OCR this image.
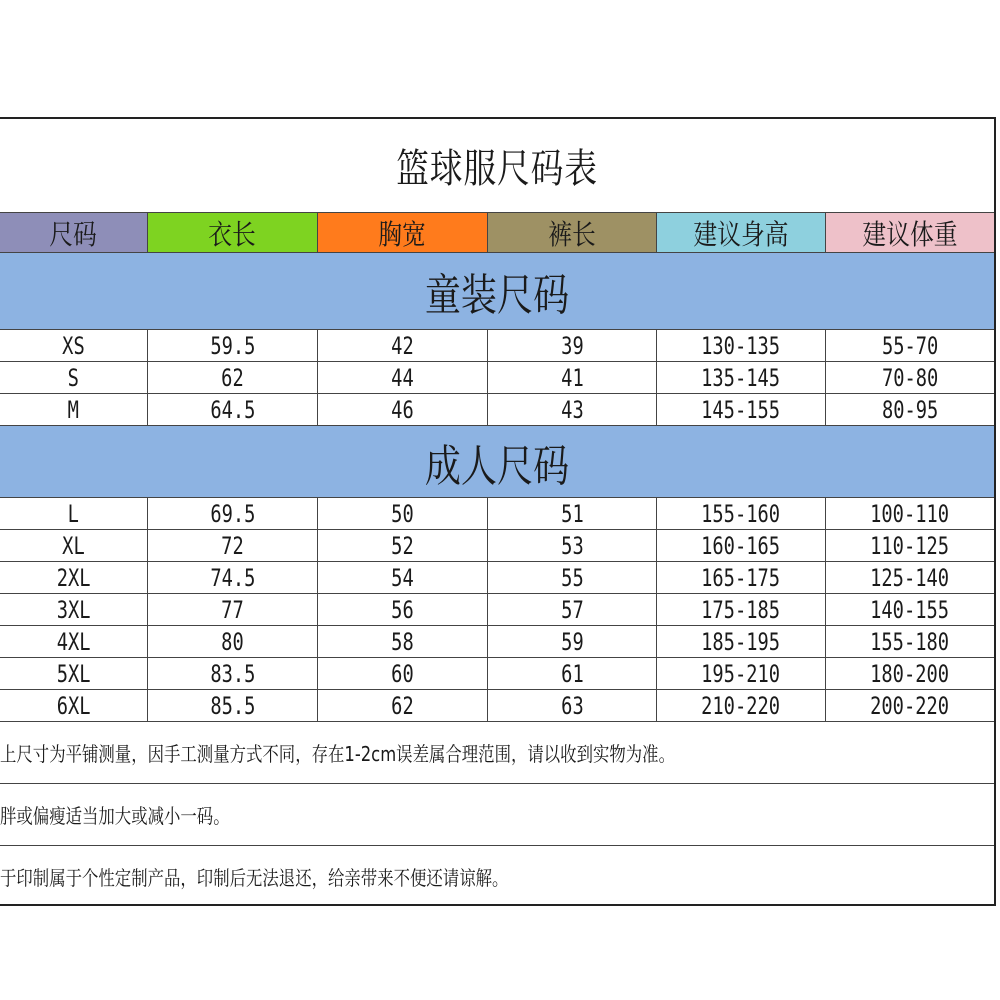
篮球服尺码表
尺码	衣长	胸宽	裤长	建议身高	建议体重
童装尺码
XS	59.5	42	39	130-135	55-70
S	62	44	41	135-145	70-80
M	64.5	46	43	145-155	80-95
成人尺码
L	69.5	50	51	155-160	100-110
XL	72	52	53	160-165	110-125
2XL	74.5	54	55	165-175	125-140
3XL	77	56	57	175-185	140-155
4XL	80	58	59	185-195	155-180
5XL	83.5	60	61	195-210	180-200
6XL	85.5	62	63	210-220	200-220
上尺寸为平铺测量，因手工测量方式不同，存在1-2cm误差属合理范围，请以收到实物为准。
胖或偏瘦适当加大或减小一码。
于印制属于个性定制产品，印制后无法退还，给亲带来不便还请谅解。
